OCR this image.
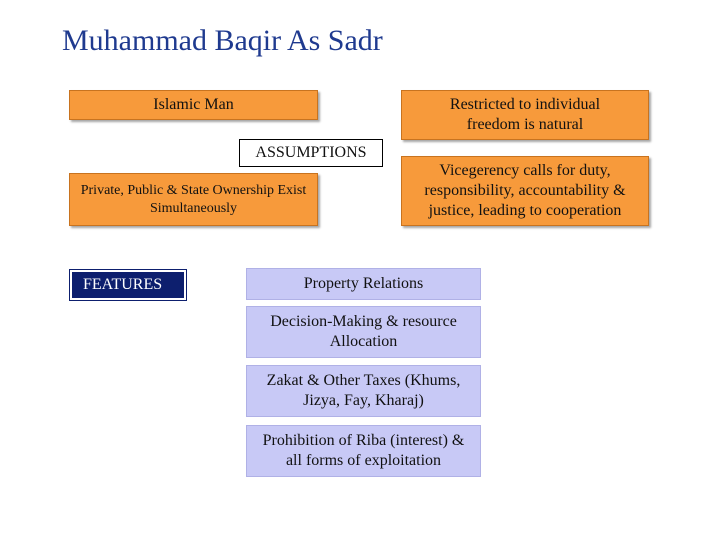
Muhammad Baqir As Sadr
Islamic Man	Restricted to individual freedom is natural
ASSUMPTIONS
Private, Public & State Ownership Exist Simultaneously
Vicegerency calls for duty, responsibility, accountability & justice, leading to cooperation
FEATURES	Property Relations
Decision-Making & resource Allocation
Zakat & Other Taxes (Khums, Jizya, Fay, Kharaj)
Prohibition of Riba (interest) & all forms of exploitation
